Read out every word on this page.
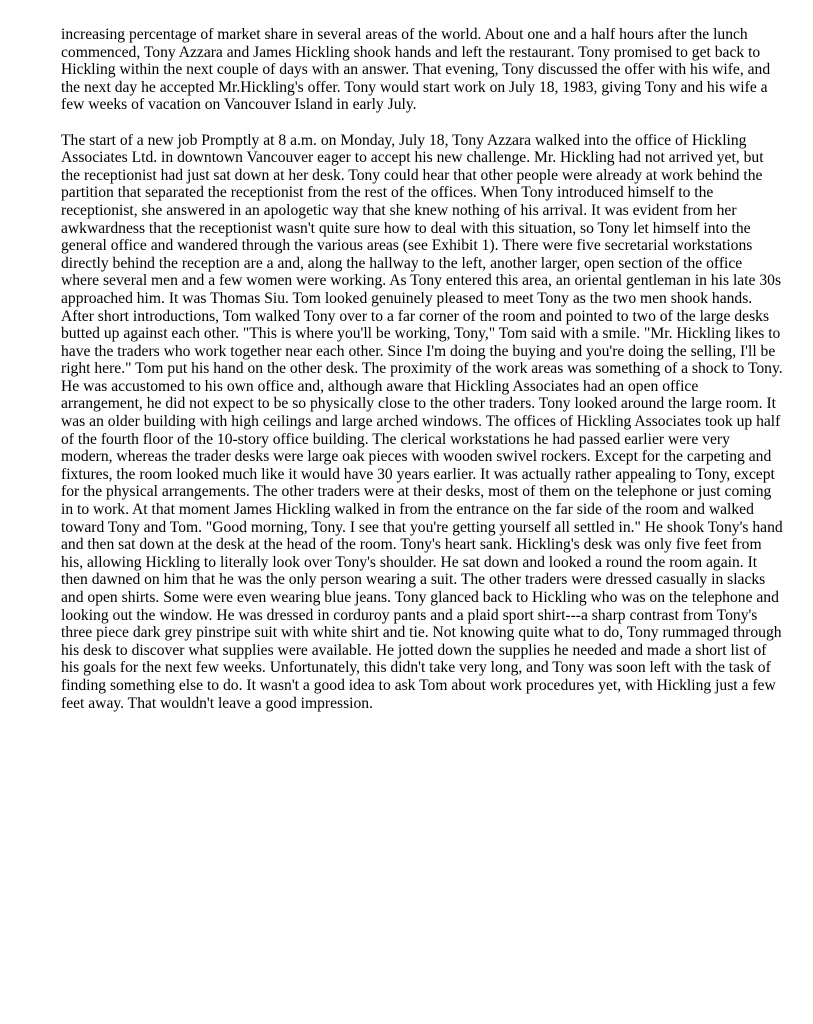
increasing percentage of market share in several areas of the world. About one and a half hours after the lunch commenced, Tony Azzara and James Hickling shook hands and left the restaurant. Tony promised to get back to Hickling within the next couple of days with an answer. That evening, Tony discussed the offer with his wife, and the next day he accepted Mr.Hickling's offer. Tony would start work on July 18, 1983, giving Tony and his wife a few weeks of vacation on Vancouver Island in early July.

The start of a new job Promptly at 8 a.m. on Monday, July 18, Tony Azzara walked into the office of Hickling Associates Ltd. in downtown Vancouver eager to accept his new challenge. Mr. Hickling had not arrived yet, but the receptionist had just sat down at her desk. Tony could hear that other people were already at work behind the partition that separated the receptionist from the rest of the offices. When Tony introduced himself to the receptionist, she answered in an apologetic way that she knew nothing of his arrival. It was evident from her awkwardness that the receptionist wasn't quite sure how to deal with this situation, so Tony let himself into the general office and wandered through the various areas (see Exhibit 1). There were five secretarial workstations directly behind the reception are a and, along the hallway to the left, another larger, open section of the office where several men and a few women were working. As Tony entered this area, an oriental gentleman in his late 30s approached him. It was Thomas Siu. Tom looked genuinely pleased to meet Tony as the two men shook hands. After short introductions, Tom walked Tony over to a far corner of the room and pointed to two of the large desks butted up against each other. "This is where you'll be working, Tony," Tom said with a smile. "Mr. Hickling likes to have the traders who work together near each other. Since I'm doing the buying and you're doing the selling, I'll be right here." Tom put his hand on the other desk. The proximity of the work areas was something of a shock to Tony. He was accustomed to his own office and, although aware that Hickling Associates had an open office arrangement, he did not expect to be so physically close to the other traders. Tony looked around the large room. It was an older building with high ceilings and large arched windows. The offices of Hickling Associates took up half of the fourth floor of the 10-story office building. The clerical workstations he had passed earlier were very modern, whereas the trader desks were large oak pieces with wooden swivel rockers. Except for the carpeting and fixtures, the room looked much like it would have 30 years earlier. It was actually rather appealing to Tony, except for the physical arrangements. The other traders were at their desks, most of them on the telephone or just coming in to work. At that moment James Hickling walked in from the entrance on the far side of the room and walked toward Tony and Tom. "Good morning, Tony. I see that you're getting yourself all settled in." He shook Tony's hand and then sat down at the desk at the head of the room. Tony's heart sank. Hickling's desk was only five feet from his, allowing Hickling to literally look over Tony's shoulder. He sat down and looked a round the room again. It then dawned on him that he was the only person wearing a suit. The other traders were dressed casually in slacks and open shirts. Some were even wearing blue jeans. Tony glanced back to Hickling who was on the telephone and looking out the window. He was dressed in corduroy pants and a plaid sport shirt---a sharp contrast from Tony's three piece dark grey pinstripe suit with white shirt and tie. Not knowing quite what to do, Tony rummaged through his desk to discover what supplies were available. He jotted down the supplies he needed and made a short list of his goals for the next few weeks. Unfortunately, this didn't take very long, and Tony was soon left with the task of finding something else to do. It wasn't a good idea to ask Tom about work procedures yet, with Hickling just a few feet away. That wouldn't leave a good impression.
